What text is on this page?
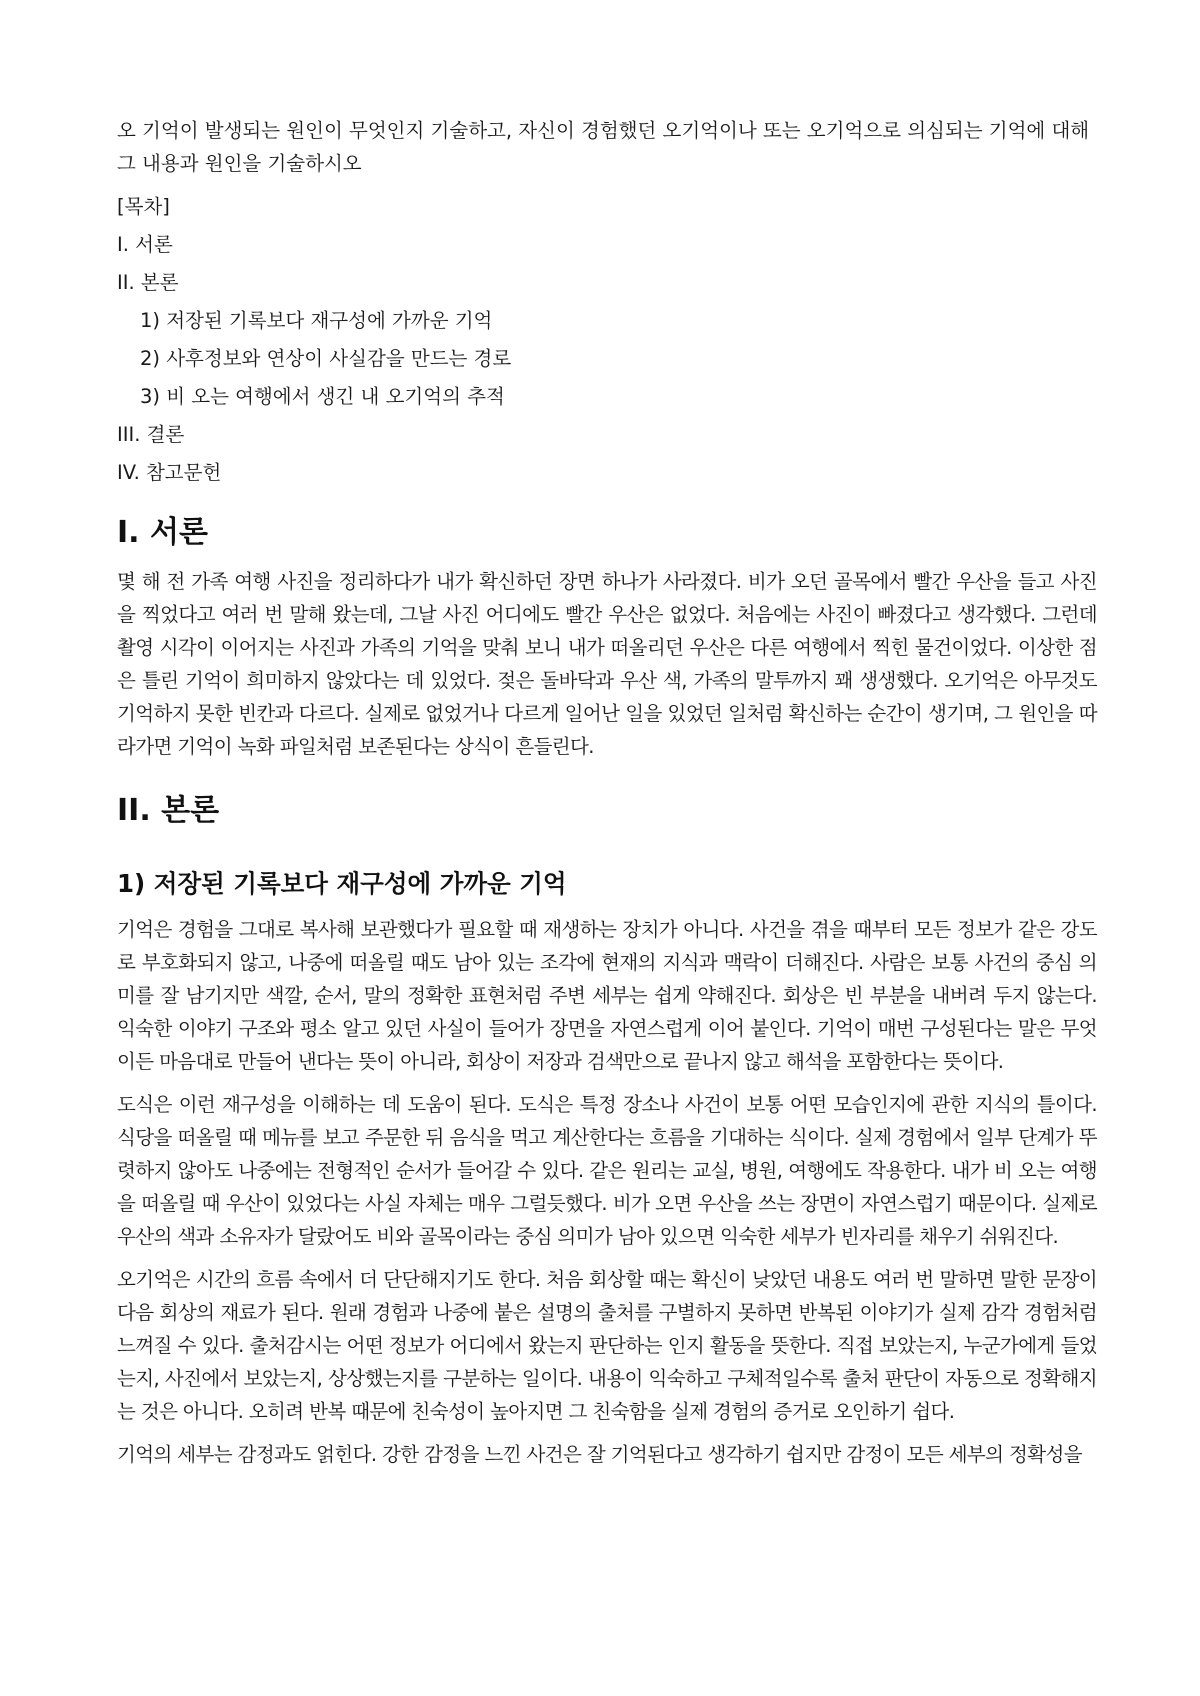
오 기억이 발생되는 원인이 무엇인지 기술하고, 자신이 경험했던 오기억이나 또는 오기억으로 의심되는 기억에 대해 그 내용과 원인을 기술하시오

[목차]

I. 서론

II. 본론

1) 저장된 기록보다 재구성에 가까운 기억

2) 사후정보와 연상이 사실감을 만드는 경로

3) 비 오는 여행에서 생긴 내 오기억의 추적

III. 결론

IV. 참고문헌

I. 서론

몇 해 전 가족 여행 사진을 정리하다가 내가 확신하던 장면 하나가 사라졌다. 비가 오던 골목에서 빨간 우산을 들고 사진을 찍었다고 여러 번 말해 왔는데, 그날 사진 어디에도 빨간 우산은 없었다. 처음에는 사진이 빠졌다고 생각했다. 그런데 촬영 시각이 이어지는 사진과 가족의 기억을 맞춰 보니 내가 떠올리던 우산은 다른 여행에서 찍힌 물건이었다. 이상한 점은 틀린 기억이 희미하지 않았다는 데 있었다. 젖은 돌바닥과 우산 색, 가족의 말투까지 꽤 생생했다. 오기억은 아무것도 기억하지 못한 빈칸과 다르다. 실제로 없었거나 다르게 일어난 일을 있었던 일처럼 확신하는 순간이 생기며, 그 원인을 따라가면 기억이 녹화 파일처럼 보존된다는 상식이 흔들린다.

II. 본론
1) 저장된 기록보다 재구성에 가까운 기억

기억은 경험을 그대로 복사해 보관했다가 필요할 때 재생하는 장치가 아니다. 사건을 겪을 때부터 모든 정보가 같은 강도로 부호화되지 않고, 나중에 떠올릴 때도 남아 있는 조각에 현재의 지식과 맥락이 더해진다. 사람은 보통 사건의 중심 의미를 잘 남기지만 색깔, 순서, 말의 정확한 표현처럼 주변 세부는 쉽게 약해진다. 회상은 빈 부분을 내버려 두지 않는다. 익숙한 이야기 구조와 평소 알고 있던 사실이 들어가 장면을 자연스럽게 이어 붙인다. 기억이 매번 구성된다는 말은 무엇이든 마음대로 만들어 낸다는 뜻이 아니라, 회상이 저장과 검색만으로 끝나지 않고 해석을 포함한다는 뜻이다.

도식은 이런 재구성을 이해하는 데 도움이 된다. 도식은 특정 장소나 사건이 보통 어떤 모습인지에 관한 지식의 틀이다. 식당을 떠올릴 때 메뉴를 보고 주문한 뒤 음식을 먹고 계산한다는 흐름을 기대하는 식이다. 실제 경험에서 일부 단계가 뚜렷하지 않아도 나중에는 전형적인 순서가 들어갈 수 있다. 같은 원리는 교실, 병원, 여행에도 작용한다. 내가 비 오는 여행을 떠올릴 때 우산이 있었다는 사실 자체는 매우 그럴듯했다. 비가 오면 우산을 쓰는 장면이 자연스럽기 때문이다. 실제로 우산의 색과 소유자가 달랐어도 비와 골목이라는 중심 의미가 남아 있으면 익숙한 세부가 빈자리를 채우기 쉬워진다.

오기억은 시간의 흐름 속에서 더 단단해지기도 한다. 처음 회상할 때는 확신이 낮았던 내용도 여러 번 말하면 말한 문장이 다음 회상의 재료가 된다. 원래 경험과 나중에 붙은 설명의 출처를 구별하지 못하면 반복된 이야기가 실제 감각 경험처럼 느껴질 수 있다. 출처감시는 어떤 정보가 어디에서 왔는지 판단하는 인지 활동을 뜻한다. 직접 보았는지, 누군가에게 들었는지, 사진에서 보았는지, 상상했는지를 구분하는 일이다. 내용이 익숙하고 구체적일수록 출처 판단이 자동으로 정확해지는 것은 아니다. 오히려 반복 때문에 친숙성이 높아지면 그 친숙함을 실제 경험의 증거로 오인하기 쉽다.

기억의 세부는 감정과도 얽힌다. 강한 감정을 느낀 사건은 잘 기억된다고 생각하기 쉽지만 감정이 모든 세부의 정확성을
